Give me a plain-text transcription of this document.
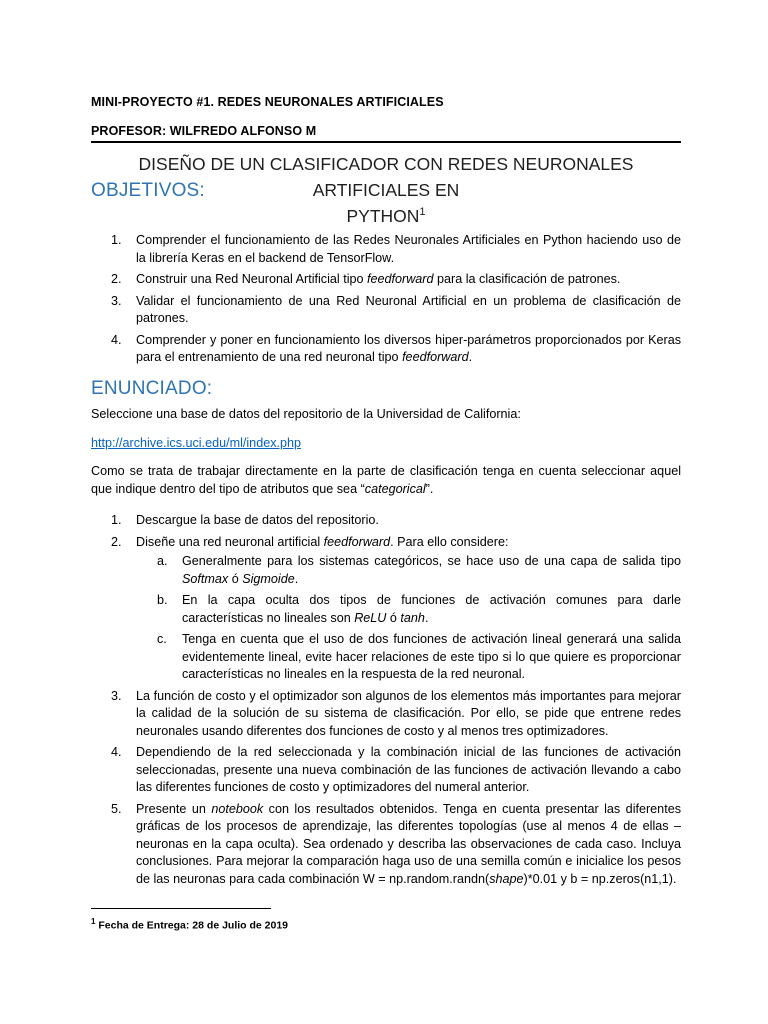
MINI-PROYECTO #1. REDES NEURONALES ARTIFICIALES
PROFESOR: WILFREDO ALFONSO M
DISEÑO DE UN CLASIFICADOR CON REDES NEURONALES ARTIFICIALES EN
PYTHON$^1$
OBJETIVOS:
1. Comprender el funcionamiento de las Redes Neuronales Artificiales en Python haciendo uso de la librería Keras en el backend de TensorFlow.
2. Construir una Red Neuronal Artificial tipo feedforward para la clasificación de patrones.
3. Validar el funcionamiento de una Red Neuronal Artificial en un problema de clasificación de patrones.
4. Comprender y poner en funcionamiento los diversos hiper-parámetros proporcionados por Keras para el entrenamiento de una red neuronal tipo feedforward.
ENUNCIADO:
Seleccione una base de datos del repositorio de la Universidad de California:
http://archive.ics.uci.edu/ml/index.php
Como se trata de trabajar directamente en la parte de clasificación tenga en cuenta seleccionar aquel que indique dentro del tipo de atributos que sea “categorical”.
1. Descargue la base de datos del repositorio.
2. Diseñe una red neuronal artificial feedforward. Para ello considere:
a. Generalmente para los sistemas categóricos, se hace uso de una capa de salida tipo Softmax ó Sigmoide.
b. En la capa oculta dos tipos de funciones de activación comunes para darle características no lineales son ReLU ó tanh.
c. Tenga en cuenta que el uso de dos funciones de activación lineal generará una salida evidentemente lineal, evite hacer relaciones de este tipo si lo que quiere es proporcionar características no lineales en la respuesta de la red neuronal.
3. La función de costo y el optimizador son algunos de los elementos más importantes para mejorar la calidad de la solución de su sistema de clasificación. Por ello, se pide que entrene redes neuronales usando diferentes dos funciones de costo y al menos tres optimizadores.
4. Dependiendo de la red seleccionada y la combinación inicial de las funciones de activación seleccionadas, presente una nueva combinación de las funciones de activación llevando a cabo las diferentes funciones de costo y optimizadores del numeral anterior.
5. Presente un notebook con los resultados obtenidos. Tenga en cuenta presentar las diferentes gráficas de los procesos de aprendizaje, las diferentes topologías (use al menos 4 de ellas – neuronas en la capa oculta). Sea ordenado y describa las observaciones de cada caso. Incluya conclusiones. Para mejorar la comparación haga uso de una semilla común e inicialice los pesos de las neuronas para cada combinación W = np.random.randn(shape)*0.01 y b = np.zeros(n1,1).
$^1$ Fecha de Entrega: 28 de Julio de 2019
